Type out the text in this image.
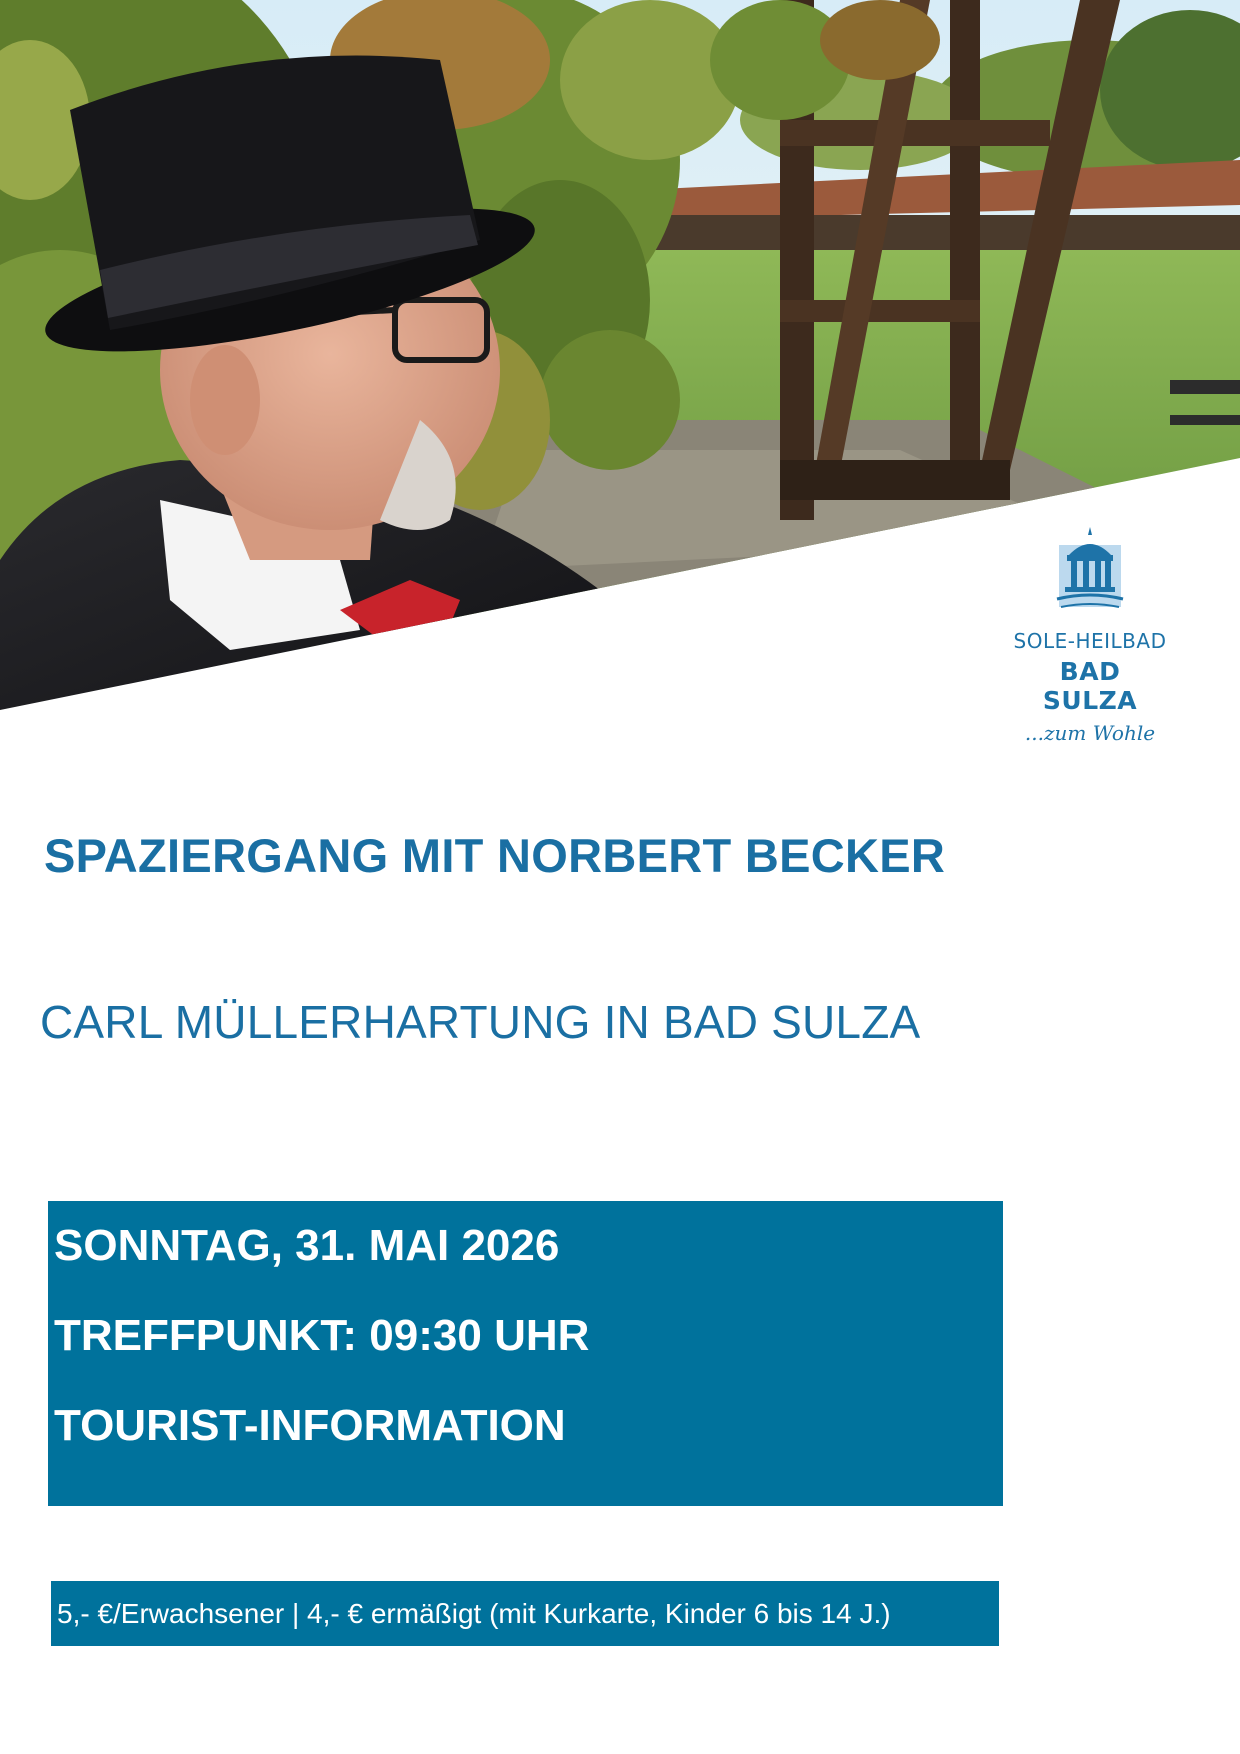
SOLE-HEILBAD
BAD SULZA
...zum Wohle
SPAZIERGANG MIT NORBERT BECKER
CARL MÜLLERHARTUNG IN BAD SULZA

SONNTAG, 31. MAI 2026

TREFFPUNKT: 09:30 UHR

TOURIST-INFORMATION

5,- €/Erwachsener | 4,- € ermäßigt (mit Kurkarte, Kinder 6 bis 14 J.)
